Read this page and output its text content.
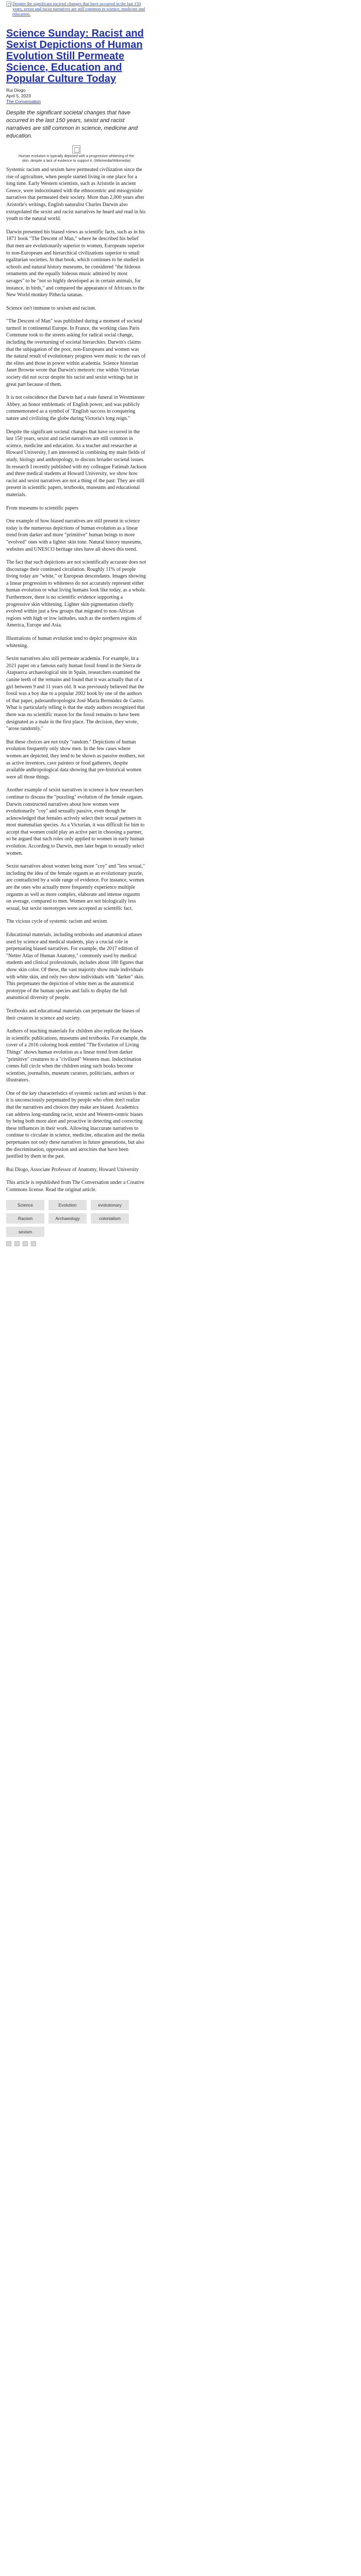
Despite the significant societal changes that have occurred in the last 150 years, sexist and racist narratives are still common in science, medicine and education.
Science Sunday: Racist and Sexist Depictions of Human Evolution Still Permeate Science, Education and Popular Culture Today
Rui Diogo
April 5, 2023
The Conversation
Despite the significant societal changes that have occurred in the last 150 years, sexist and racist narratives are still common in science, medicine and education.
Human evolution is typically depicted with a progressive whitening of the skin, despite a lack of evidence to support it. (Wikimedia/Wikimedia)

Systemic racism and sexism have permeated civilization since the rise of agriculture, when people started living in one place for a long time. Early Western scientists, such as Aristotle in ancient Greece, were indoctrinated with the ethnocentric and misogynistic narratives that permeated their society. More than 2,000 years after Aristotle's writings, English naturalist Charles Darwin also extrapolated the sexist and racist narratives he heard and read in his youth to the natural world.

Darwin presented his biased views as scientific facts, such as in his 1871 book "The Descent of Man," where he described his belief that men are evolutionarily superior to women, Europeans superior to non-Europeans and hierarchical civilizations superior to small egalitarian societies. In that book, which continues to be studied in schools and natural history museums, he considered "the hideous ornaments and the equally hideous music admired by most savages" to be "not so highly developed as in certain animals, for instance, in birds," and compared the appearance of Africans to the New World monkey Pithecia satanas.

Science isn't immune to sexism and racism.

"The Descent of Man" was published during a moment of societal turmoil in continental Europe. In France, the working class Paris Commune took to the streets asking for radical social change, including the overturning of societal hierarchies. Darwin's claims that the subjugation of the poor, non-Europeans and women was the natural result of evolutionary progress were music to the ears of the elites and those in power within academia. Science historian Janet Browne wrote that Darwin's meteoric rise within Victorian society did not occur despite his racist and sexist writings but in great part because of them.

It is not coincidence that Darwin had a state funeral in Westminster Abbey, an honor emblematic of English power, and was publicly commemorated as a symbol of "English success in conquering nature and civilizing the globe during Victoria's long reign."

Despite the significant societal changes that have occurred in the last 150 years, sexist and racist narratives are still common in science, medicine and education. As a teacher and researcher at Howard University, I am interested in combining my main fields of study, biology and anthropology, to discuss broader societal issues. In research I recently published with my colleague Fatimah Jackson and three medical students at Howard University, we show how racist and sexist narratives are not a thing of the past: They are still present in scientific papers, textbooks, museums and educational materials.

From museums to scientific papers

One example of how biased narratives are still present in science today is the numerous depictions of human evolution as a linear trend from darker and more "primitive" human beings to more "evolved" ones with a lighter skin tone. Natural history museums, websites and UNESCO heritage sites have all shown this trend.

The fact that such depictions are not scientifically accurate does not discourage their continued circulation. Roughly 11% of people living today are "white," or European descendants. Images showing a linear progression to whiteness do not accurately represent either human evolution or what living humans look like today, as a whole. Furthermore, there is no scientific evidence supporting a progressive skin whitening. Lighter skin pigmentation chiefly evolved within just a few groups that migrated to non-African regions with high or low latitudes, such as the northern regions of America, Europe and Asia.

Illustrations of human evolution tend to depict progressive skin whitening.

Sexist narratives also still permeate academia. For example, in a 2021 paper on a famous early human fossil found in the Sierra de Atapuerca archaeological site in Spain, researchers examined the canine teeth of the remains and found that it was actually that of a girl between 9 and 11 years old. It was previously believed that the fossil was a boy due to a popular 2002 book by one of the authors of that paper, paleoanthropologist José María Bermúdez de Castro. What is particularly telling is that the study authors recognized that there was no scientific reason for the fossil remains to have been designated as a male in the first place. The decision, they wrote, "arose randomly."

But these choices are not truly "random." Depictions of human evolution frequently only show men. In the few cases where women are depicted, they tend to be shown as passive mothers, not as active inventors, cave painters or food gatherers, despite available anthropological data showing that pre-historical women were all those things.

Another example of sexist narratives in science is how researchers continue to discuss the "puzzling" evolution of the female orgasm. Darwin constructed narratives about how women were evolutionarily "coy" and sexually passive, even though he acknowledged that females actively select their sexual partners in most mammalian species. As a Victorian, it was difficult for him to accept that women could play an active part in choosing a partner, so he argued that such roles only applied to women in early human evolution. According to Darwin, men later began to sexually select women.

Sexist narratives about women being more "coy" and "less sexual," including the idea of the female orgasm as an evolutionary puzzle, are contradicted by a wide range of evidence. For instance, women are the ones who actually more frequently experience multiple orgasms as well as more complex, elaborate and intense orgasms on average, compared to men. Women are not biologically less sexual, but sexist stereotypes were accepted as scientific fact.

The vicious cycle of systemic racism and sexism

Educational materials, including textbooks and anatomical atlases used by science and medical students, play a crucial role in perpetuating biased narratives. For example, the 2017 edition of "Netter Atlas of Human Anatomy," commonly used by medical students and clinical professionals, includes about 180 figures that show skin color. Of these, the vast majority show male individuals with white skin, and only two show individuals with "darker" skin. This perpetuates the depiction of white men as the anatomical prototype of the human species and fails to display the full anatomical diversity of people.

Textbooks and educational materials can perpetuate the biases of their creators in science and society.

Authors of teaching materials for children also replicate the biases in scientific publications, museums and textbooks. For example, the cover of a 2016 coloring book entitled "The Evolution of Living Things" shows human evolution as a linear trend from darker "primitive" creatures to a "civilized" Western man. Indoctrination comes full circle when the children using such books become scientists, journalists, museum curators, politicians, authors or illustrators.

One of the key characteristics of systemic racism and sexism is that it is unconsciously perpetuated by people who often don't realize that the narratives and choices they make are biased. Academics can address long-standing racist, sexist and Western-centric biases by being both more alert and proactive in detecting and correcting these influences in their work. Allowing inaccurate narratives to continue to circulate in science, medicine, education and the media perpetuates not only these narratives in future generations, but also the discrimination, oppression and atrocities that have been justified by them in the past.

Rui Diogo, Associate Professor of Anatomy, Howard University

This article is republished from The Conversation under a Creative Commons license. Read the original article.

Science	Evolution	evolutionary
Racism	Archaeology	colonialism
sexism
